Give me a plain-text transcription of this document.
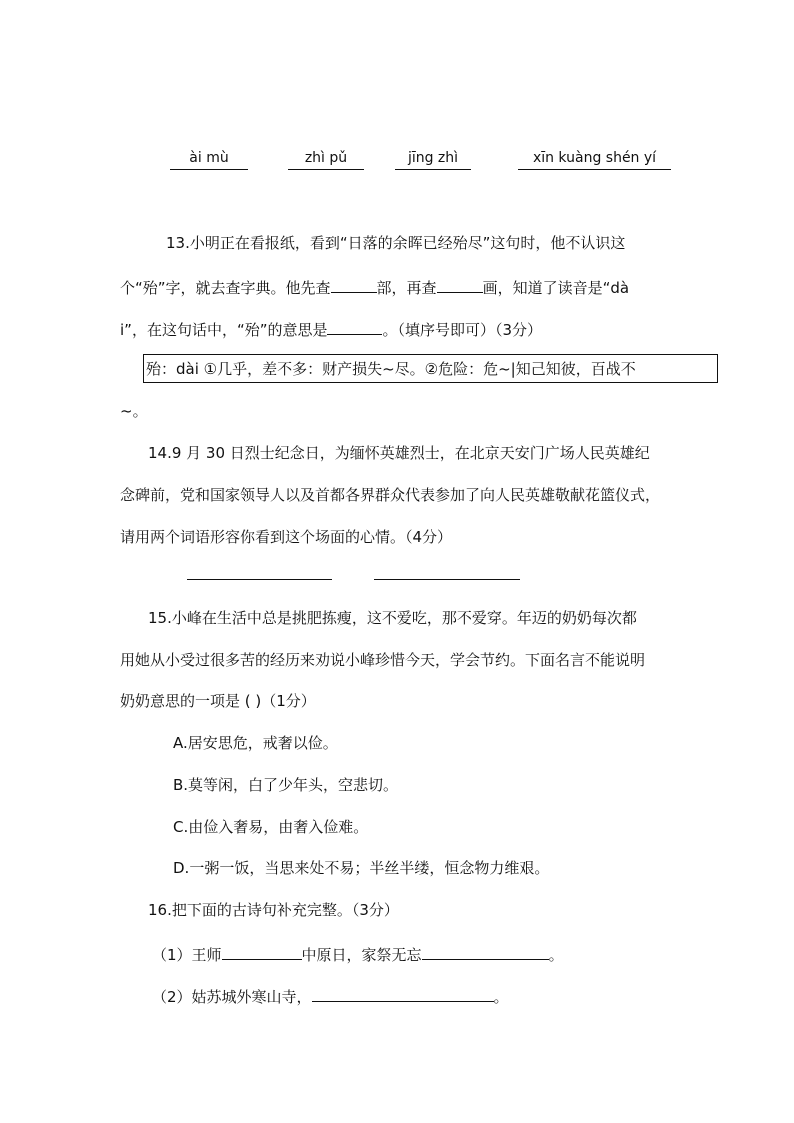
ài mù	zhì pǔ	jīng zhì	xīn kuàng shén yí
13.小明正在看报纸，看到“日落的余晖已经殆尽”这句时，他不认识这
个“殆”字，就去查字典。他先查	部，再查	画，知道了读音是“dà
i”，在这句话中，“殆”的意思是	。（填序号即可）（3分）
殆：dài ①几乎，差不多：财产损失~尽。②危险：危~|知己知彼，百战不
~。
14.9 月 30 日烈士纪念日，为缅怀英雄烈士，在北京天安门广场人民英雄纪
念碑前，党和国家领导人以及首都各界群众代表参加了向人民英雄敬献花篮仪式，
请用两个词语形容你看到这个场面的心情。（4分）
15.小峰在生活中总是挑肥拣瘦，这不爱吃，那不爱穿。年迈的奶奶每次都
用她从小受过很多苦的经历来劝说小峰珍惜今天，学会节约。下面名言不能说明
奶奶意思的一项是 ( )（1分）
A.居安思危，戒奢以俭。
B.莫等闲，白了少年头，空悲切。
C.由俭入奢易，由奢入俭难。
D.一粥一饭，当思来处不易；半丝半缕，恒念物力维艰。
16.把下面的古诗句补充完整。（3分）
（1）王师	中原日，家祭无忘	。
（2）姑苏城外寒山寺，	。
